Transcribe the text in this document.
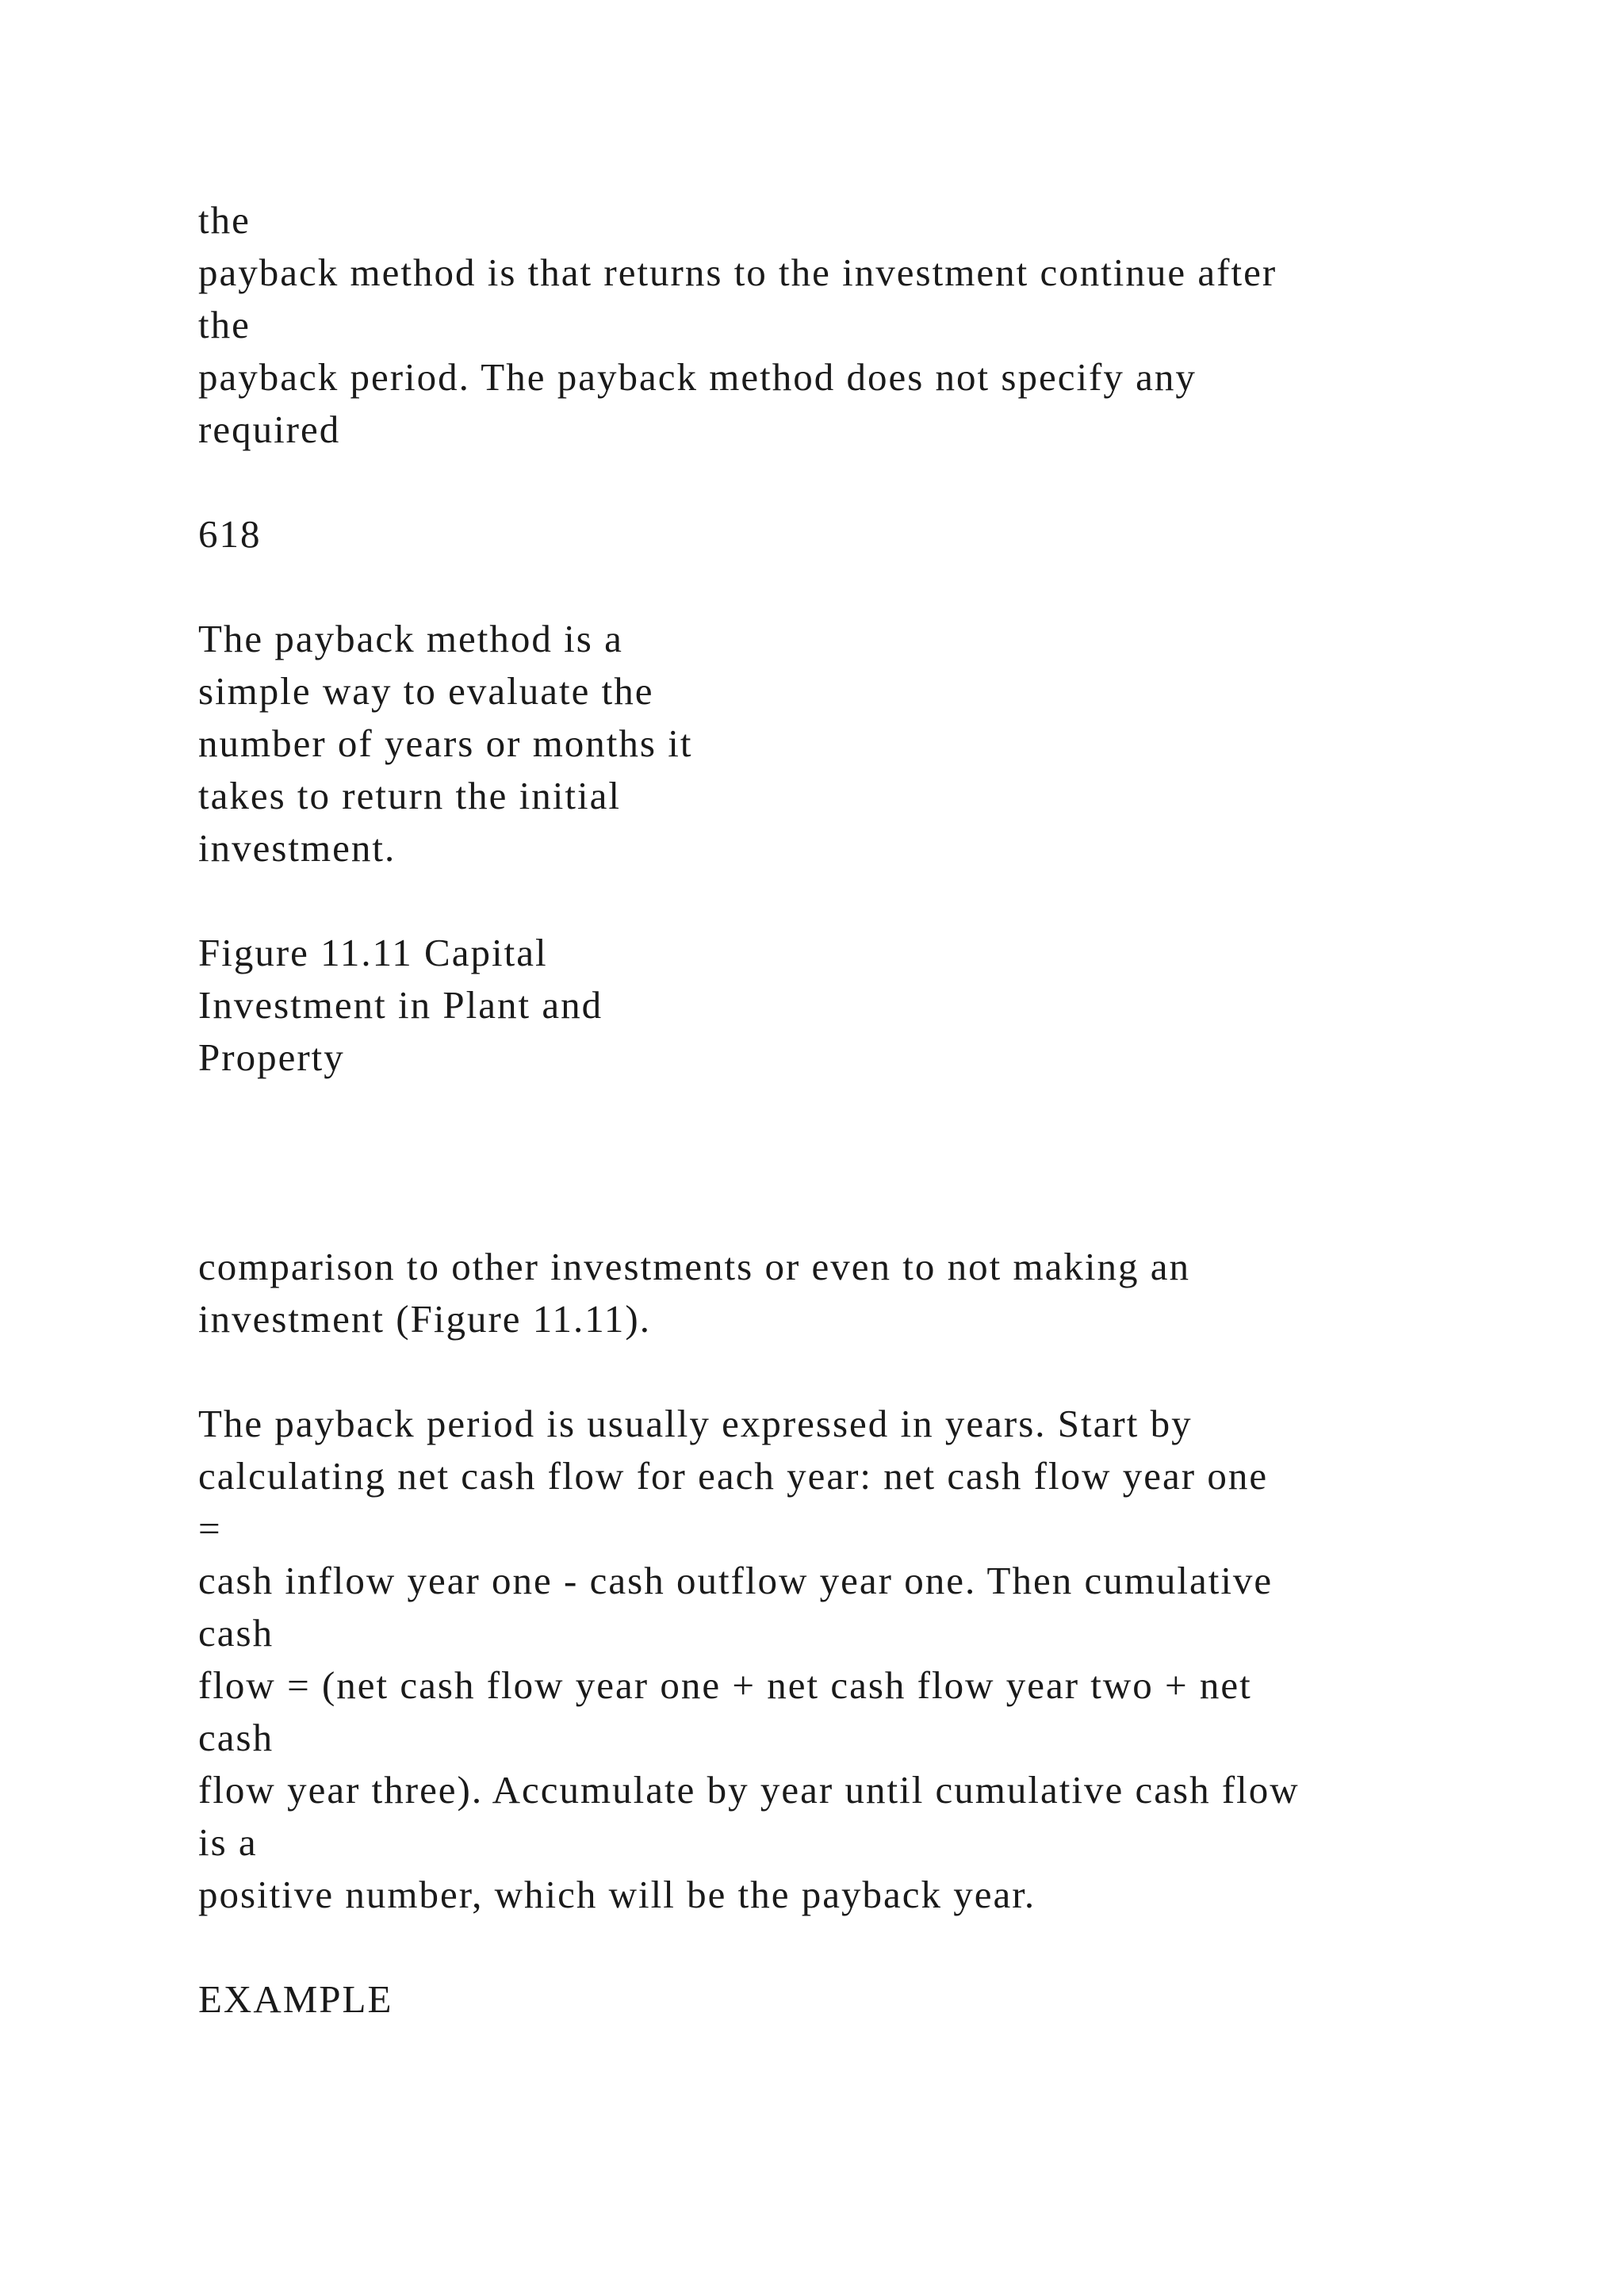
the
payback method is that returns to the investment continue after
the
payback period. The payback method does not specify any
required
618
The payback method is a
simple way to evaluate the
number of years or months it
takes to return the initial
investment.
Figure 11.11 Capital
Investment in Plant and
Property
comparison to other investments or even to not making an
investment (Figure 11.11).
The payback period is usually expressed in years. Start by
calculating net cash flow for each year: net cash flow year one
=
cash inflow year one - cash outflow year one. Then cumulative
cash
flow = (net cash flow year one + net cash flow year two + net
cash
flow year three). Accumulate by year until cumulative cash flow
is a
positive number, which will be the payback year.
EXAMPLE
